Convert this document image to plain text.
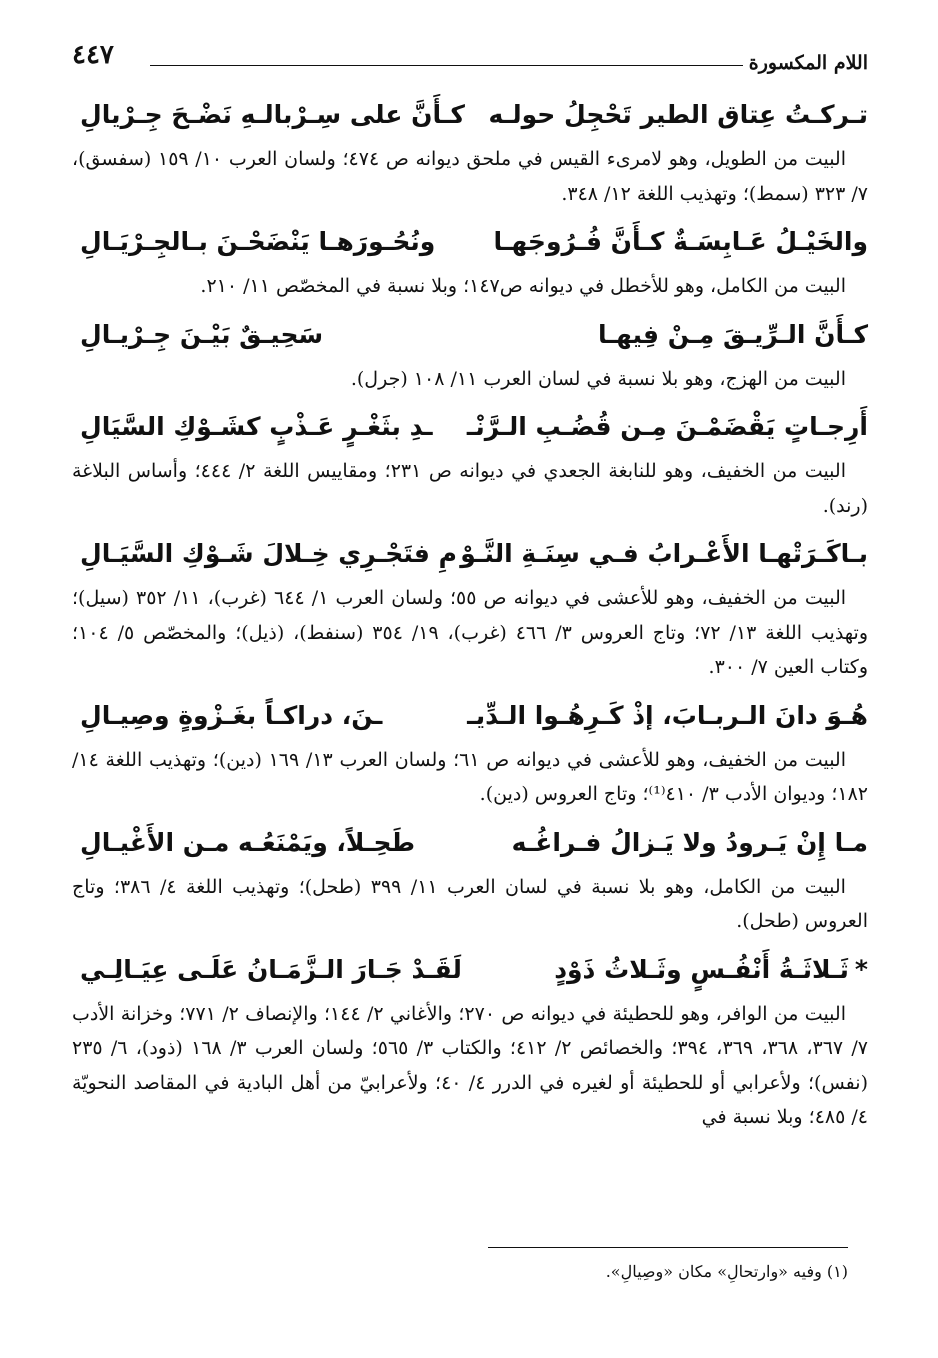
٤٤٧	اللام المكسورة
تـركـتُ عِتاق الطير تَحْجِلُ حولـه
كـأَنَّ على سِـرْبالـهِ نَضْـحَ جِـرْيالِ

البيت من الطويل، وهو لامرىء القيس في ملحق ديوانه ص ٤٧٤؛ ولسان العرب ١٠/ ١٥٩ (سفسق)، ٧/ ٣٢٣ (سمط)؛ وتهذيب اللغة ١٢/ ٣٤٨.

والخَيْـلُ عَـابِسَـةٌ كـأَنَّ فُـرُوجَهـا
ونُحُـورَهـا يَنْضَحْـنَ بـالجِـرْيَـالِ

البيت من الكامل، وهو للأخطل في ديوانه ص١٤٧؛ وبلا نسبة في المخصّص ١١/ ٢١٠.

كـأَنَّ الـرِّيـقَ مِـنْ فِيهـا
سَحِيـقٌ بَيْـنَ جِـرْيـالِ

البيت من الهزج، وهو بلا نسبة في لسان العرب ١١/ ١٠٨ (جرل).

أَرِجـاتٍ يَقْضَمْـنَ مِـن قُضُـبِ الـرَّنْـ
ـدِ بثَغْـرٍ عَـذْبٍ كشَـوْكِ السَّيَالِ

البيت من الخفيف، وهو للنابغة الجعدي في ديوانه ص ٢٣١؛ ومقاييس اللغة ٢/ ٤٤٤؛ وأساس البلاغة (رند).

بـاكَـرَتْهـا الأَعْـرابُ فـي سِنَـةِ النَّـوْ
مِ فتَجْـرِي خِـلالَ شَـوْكِ السَّيَـالِ

البيت من الخفيف، وهو للأعشى في ديوانه ص ٥٥؛ ولسان العرب ١/ ٦٤٤ (غرب)، ١١/ ٣٥٢ (سيل)؛ وتهذيب اللغة ١٣/ ٧٢؛ وتاج العروس ٣/ ٤٦٦ (غرب)، ١٩/ ٣٥٤ (سنفط)، (ذيل)؛ والمخصّص ٥/ ١٠٤؛ وكتاب العين ٧/ ٣٠٠.

هُـوَ دانَ الـربـابَ، إذْ كَـرِهُـوا الـدِّيـ
ـنَ، دراكـاً بغَـزْوةٍ وصِيـالِ

البيت من الخفيف، وهو للأعشى في ديوانه ص ٦١؛ ولسان العرب ١٣/ ١٦٩ (دين)؛ وتهذيب اللغة ١٤/ ١٨٢؛ وديوان الأدب ٣/ ٤١٠⁽¹⁾؛ وتاج العروس (دين).

مـا إِنْ يَـرودُ ولا يَـزالُ فـراغُـه
طَحِـلاً، ويَمْنَعُـه مـن الأَغْيـالِ

البيت من الكامل، وهو بلا نسبة في لسان العرب ١١/ ٣٩٩ (طحل)؛ وتهذيب اللغة ٤/ ٣٨٦؛ وتاج العروس (طحل).

*ثَـلاثَـةُ أَنْفُـسٍ وثَـلاثُ ذَوْدٍ
لَقَـدْ جَـارَ الـزَّمَـانُ عَلَـى عِيَـالِـي

البيت من الوافر، وهو للحطيئة في ديوانه ص ٢٧٠؛ والأغاني ٢/ ١٤٤؛ والإنصاف ٢/ ٧٧١؛ وخزانة الأدب ٧/ ٣٦٧، ٣٦٨، ٣٦٩، ٣٩٤؛ والخصائص ٢/ ٤١٢؛ والكتاب ٣/ ٥٦٥؛ ولسان العرب ٣/ ١٦٨ (ذود)، ٦/ ٢٣٥ (نفس)؛ ولأعرابي أو للحطيئة أو لغيره في الدرر ٤/ ٤٠؛ ولأعرابيّ من أهل البادية في المقاصد النحويّة ٤/ ٤٨٥؛ وبلا نسبة في

(١) وفيه «وارتحالِ» مكان «وصِيالِ».
